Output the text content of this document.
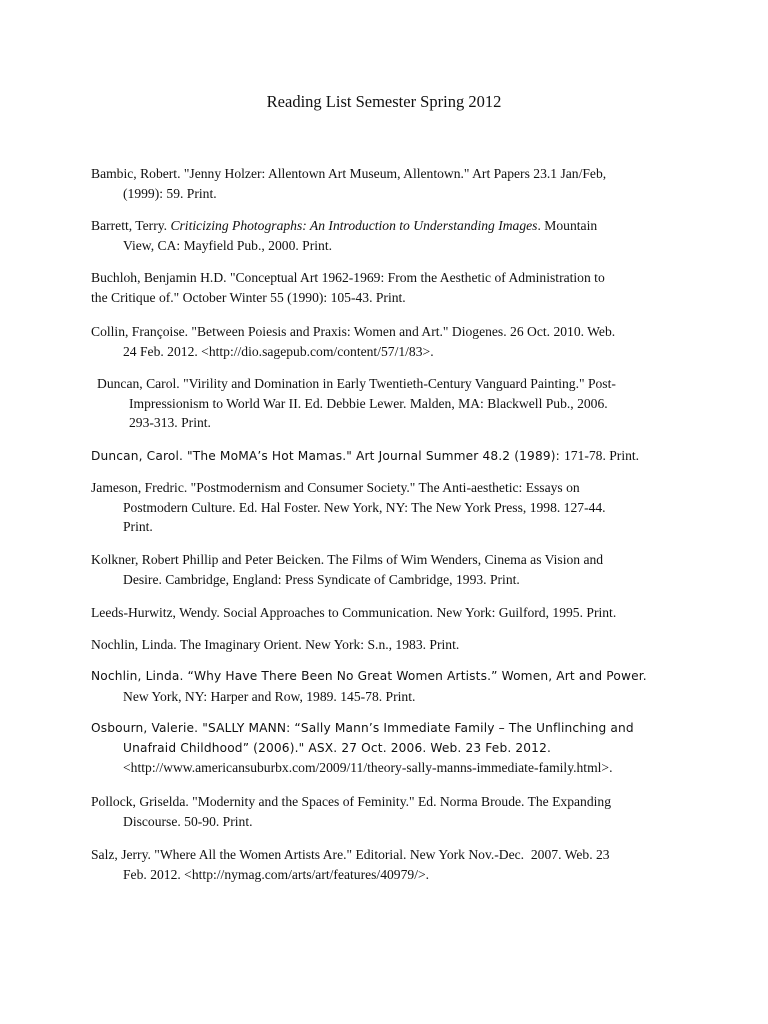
Reading List Semester Spring 2012
Bambic, Robert. "Jenny Holzer: Allentown Art Museum, Allentown." Art Papers 23.1 Jan/Feb,
(1999): 59. Print.
Barrett, Terry. Criticizing Photographs: An Introduction to Understanding Images. Mountain
View, CA: Mayfield Pub., 2000. Print.
Buchloh, Benjamin H.D. "Conceptual Art 1962-1969: From the Aesthetic of Administration to
the Critique of." October Winter 55 (1990): 105-43. Print.
Collin, Françoise. "Between Poiesis and Praxis: Women and Art." Diogenes. 26 Oct. 2010. Web.
24 Feb. 2012. <http://dio.sagepub.com/content/57/1/83>.
Duncan, Carol. "Virility and Domination in Early Twentieth-Century Vanguard Painting." Post-
Impressionism to World War II. Ed. Debbie Lewer. Malden, MA: Blackwell Pub., 2006.
293-313. Print.
Duncan, Carol. "The MoMA’s Hot Mamas." Art Journal Summer 48.2 (1989): 171-78. Print.
Jameson, Fredric. "Postmodernism and Consumer Society." The Anti-aesthetic: Essays on
Postmodern Culture. Ed. Hal Foster. New York, NY: The New York Press, 1998. 127-44.
Print.
Kolkner, Robert Phillip and Peter Beicken. The Films of Wim Wenders, Cinema as Vision and
Desire. Cambridge, England: Press Syndicate of Cambridge, 1993. Print.
Leeds-Hurwitz, Wendy. Social Approaches to Communication. New York: Guilford, 1995. Print.
Nochlin, Linda. The Imaginary Orient. New York: S.n., 1983. Print.
Nochlin, Linda. “Why Have There Been No Great Women Artists.” Women, Art and Power.
New York, NY: Harper and Row, 1989. 145-78. Print.
Osbourn, Valerie. "SALLY MANN: “Sally Mann’s Immediate Family – The Unflinching and
Unafraid Childhood” (2006)." ASX. 27 Oct. 2006. Web. 23 Feb. 2012.
<http://www.americansuburbx.com/2009/11/theory-sally-manns-immediate-family.html>.
Pollock, Griselda. "Modernity and the Spaces of Feminity." Ed. Norma Broude. The Expanding
Discourse. 50-90. Print.
Salz, Jerry. "Where All the Women Artists Are." Editorial. New York Nov.-Dec.  2007. Web. 23
Feb. 2012. <http://nymag.com/arts/art/features/40979/>.
